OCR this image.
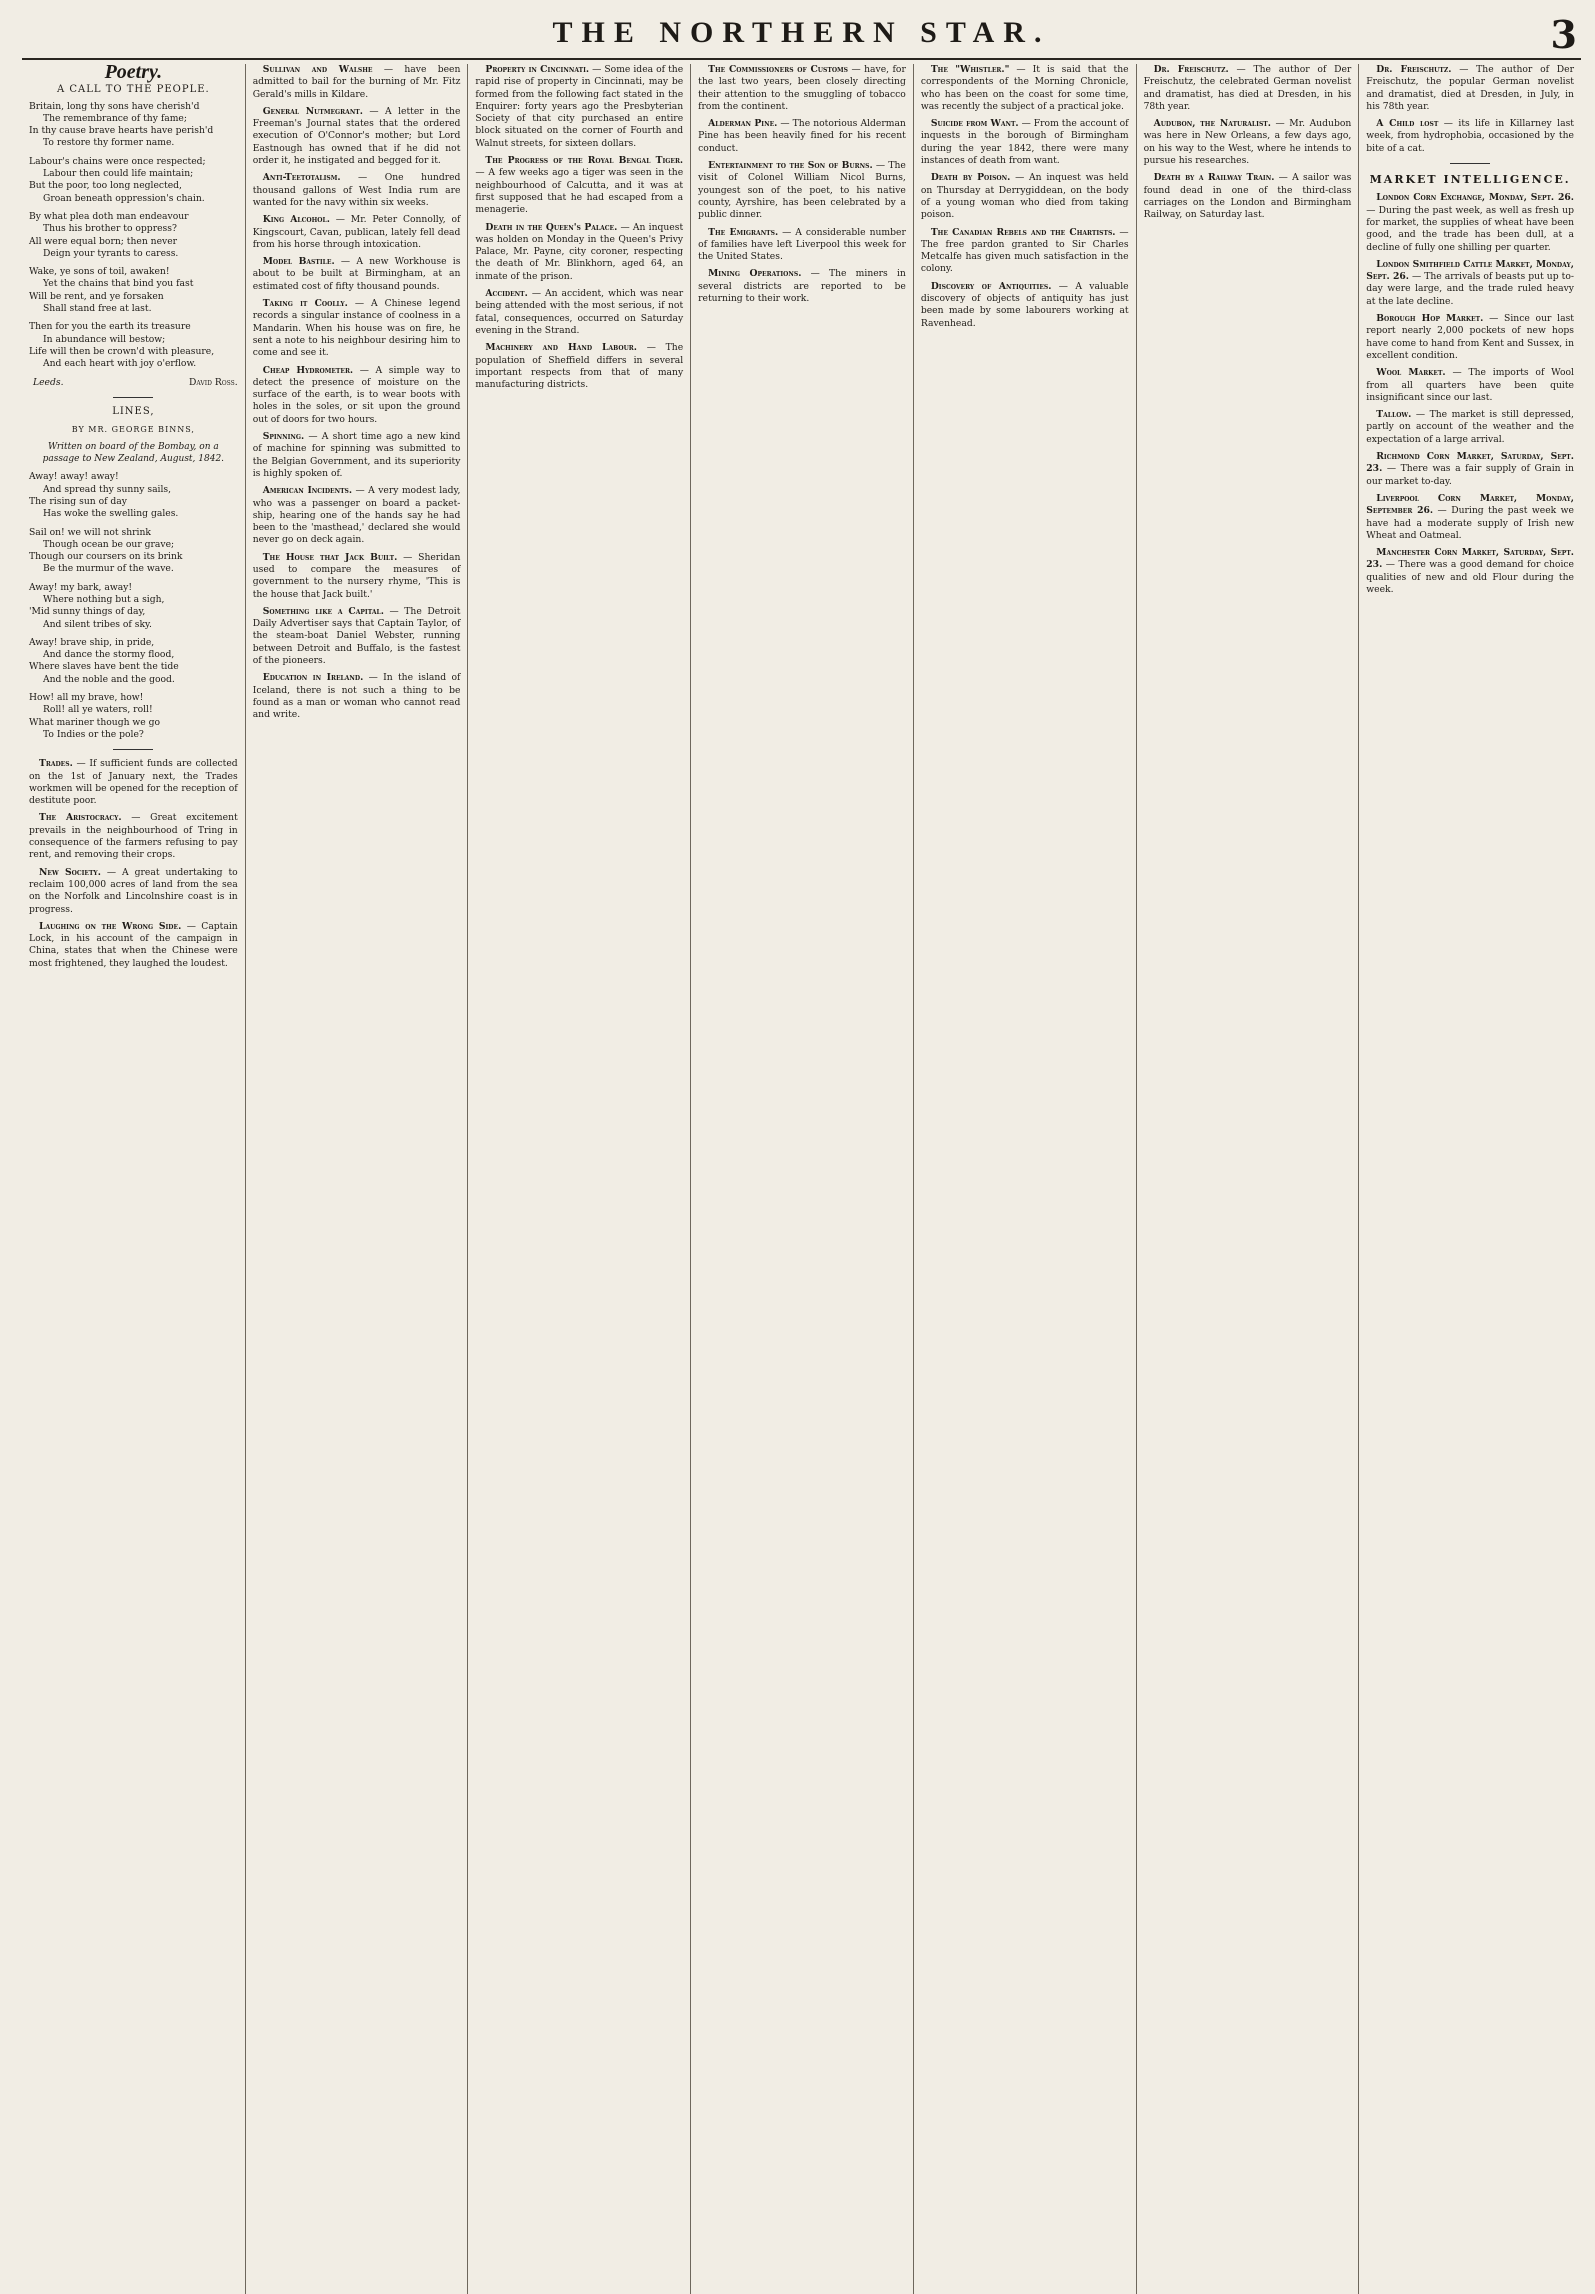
THE NORTHERN STAR.	3
Poetry.
A CALL TO THE PEOPLE.

Britain, long thy sons have cherish'd

The remembrance of thy fame;

In thy cause brave hearts have perish'd

To restore thy former name.

Labour's chains were once respected;

Labour then could life maintain;

But the poor, too long neglected,

Groan beneath oppression's chain.

By what plea doth man endeavour

Thus his brother to oppress?

All were equal born; then never

Deign your tyrants to caress.

Wake, ye sons of toil, awaken!

Yet the chains that bind you fast

Will be rent, and ye forsaken

Shall stand free at last.

Then for you the earth its treasure

In abundance will bestow;

Life will then be crown'd with pleasure,

And each heart with joy o'erflow.

David Ross.
Leeds.
LINES,
BY MR. GEORGE BINNS,
Written on board of the Bombay, on a passage to New Zealand, August, 1842.

Away! away! away!

And spread thy sunny sails,

The rising sun of day

Has woke the swelling gales.

Sail on! we will not shrink

Though ocean be our grave;

Though our coursers on its brink

Be the murmur of the wave.

Away! my bark, away!

Where nothing but a sigh,

'Mid sunny things of day,

And silent tribes of sky.

Away! brave ship, in pride,

And dance the stormy flood,

Where slaves have bent the tide

And the noble and the good.

How! all my brave, how!

Roll! all ye waters, roll!

What mariner though we go

To Indies or the pole?

Trades. — If sufficient funds are collected on the 1st of January next, the Trades workmen will be opened for the reception of destitute poor.

The Aristocracy. — Great excitement prevails in the neighbourhood of Tring in consequence of the farmers refusing to pay rent, and removing their crops.

New Society. — A great undertaking to reclaim 100,000 acres of land from the sea on the Norfolk and Lincolnshire coast is in progress.

Laughing on the Wrong Side. — Captain Lock, in his account of the campaign in China, states that when the Chinese were most frightened, they laughed the loudest.

Sullivan and Walshe — have been admitted to bail for the burning of Mr. Fitz Gerald's mills in Kildare.

General Nutmegrant. — A letter in the Freeman's Journal states that the ordered execution of O'Connor's mother; but Lord Eastnough has owned that if he did not order it, he instigated and begged for it.

Anti-Teetotalism. — One hundred thousand gallons of West India rum are wanted for the navy within six weeks.

King Alcohol. — Mr. Peter Connolly, of Kingscourt, Cavan, publican, lately fell dead from his horse through intoxication.

Model Bastile. — A new Workhouse is about to be built at Birmingham, at an estimated cost of fifty thousand pounds.

Taking it Coolly. — A Chinese legend records a singular instance of coolness in a Mandarin. When his house was on fire, he sent a note to his neighbour desiring him to come and see it.

Cheap Hydrometer. — A simple way to detect the presence of moisture on the surface of the earth, is to wear boots with holes in the soles, or sit upon the ground out of doors for two hours.

Spinning. — A short time ago a new kind of machine for spinning was submitted to the Belgian Government, and its superiority is highly spoken of.

American Incidents. — A very modest lady, who was a passenger on board a packet-ship, hearing one of the hands say he had been to the 'masthead,' declared she would never go on deck again.

The House that Jack Built. — Sheridan used to compare the measures of government to the nursery rhyme, 'This is the house that Jack built.'

Something like a Capital. — The Detroit Daily Advertiser says that Captain Taylor, of the steam-boat Daniel Webster, running between Detroit and Buffalo, is the fastest of the pioneers.

Education in Ireland. — In the island of Iceland, there is not such a thing to be found as a man or woman who cannot read and write.

Property in Cincinnati. — Some idea of the rapid rise of property in Cincinnati, may be formed from the following fact stated in the Enquirer: forty years ago the Presbyterian Society of that city purchased an entire block situated on the corner of Fourth and Walnut streets, for sixteen dollars.

The Progress of the Royal Bengal Tiger. — A few weeks ago a tiger was seen in the neighbourhood of Calcutta, and it was at first supposed that he had escaped from a menagerie.

Death in the Queen's Palace. — An inquest was holden on Monday in the Queen's Privy Palace, Mr. Payne, city coroner, respecting the death of Mr. Blinkhorn, aged 64, an inmate of the prison.

Accident. — An accident, which was near being attended with the most serious, if not fatal, consequences, occurred on Saturday evening in the Strand.

Machinery and Hand Labour. — The population of Sheffield differs in several important respects from that of many manufacturing districts.

The Commissioners of Customs — have, for the last two years, been closely directing their attention to the smuggling of tobacco from the continent.

Alderman Pine. — The notorious Alderman Pine has been heavily fined for his recent conduct.

Entertainment to the Son of Burns. — The visit of Colonel William Nicol Burns, youngest son of the poet, to his native county, Ayrshire, has been celebrated by a public dinner.

The Emigrants. — A considerable number of families have left Liverpool this week for the United States.

Mining Operations. — The miners in several districts are reported to be returning to their work.

The "Whistler." — It is said that the correspondents of the Morning Chronicle, who has been on the coast for some time, was recently the subject of a practical joke.

Suicide from Want. — From the account of inquests in the borough of Birmingham during the year 1842, there were many instances of death from want.

Death by Poison. — An inquest was held on Thursday at Derrygiddean, on the body of a young woman who died from taking poison.

The Canadian Rebels and the Chartists. — The free pardon granted to Sir Charles Metcalfe has given much satisfaction in the colony.

Discovery of Antiquities. — A valuable discovery of objects of antiquity has just been made by some labourers working at Ravenhead.

Dr. Freischutz. — The author of Der Freischutz, the celebrated German novelist and dramatist, has died at Dresden, in his 78th year.

Audubon, the Naturalist. — Mr. Audubon was here in New Orleans, a few days ago, on his way to the West, where he intends to pursue his researches.

Death by a Railway Train. — A sailor was found dead in one of the third-class carriages on the London and Birmingham Railway, on Saturday last.

Dr. Freischutz. — The author of Der Freischutz, the popular German novelist and dramatist, died at Dresden, in July, in his 78th year.

A Child lost — its life in Killarney last week, from hydrophobia, occasioned by the bite of a cat.

MARKET INTELLIGENCE.

London Corn Exchange, Monday, Sept. 26. — During the past week, as well as fresh up for market, the supplies of wheat have been good, and the trade has been dull, at a decline of fully one shilling per quarter.

London Smithfield Cattle Market, Monday, Sept. 26. — The arrivals of beasts put up to-day were large, and the trade ruled heavy at the late decline.

Borough Hop Market. — Since our last report nearly 2,000 pockets of new hops have come to hand from Kent and Sussex, in excellent condition.

Wool Market. — The imports of Wool from all quarters have been quite insignificant since our last.

Tallow. — The market is still depressed, partly on account of the weather and the expectation of a large arrival.

Richmond Corn Market, Saturday, Sept. 23. — There was a fair supply of Grain in our market to-day.

Liverpool Corn Market, Monday, September 26. — During the past week we have had a moderate supply of Irish new Wheat and Oatmeal.

Manchester Corn Market, Saturday, Sept. 23. — There was a good demand for choice qualities of new and old Flour during the week.
